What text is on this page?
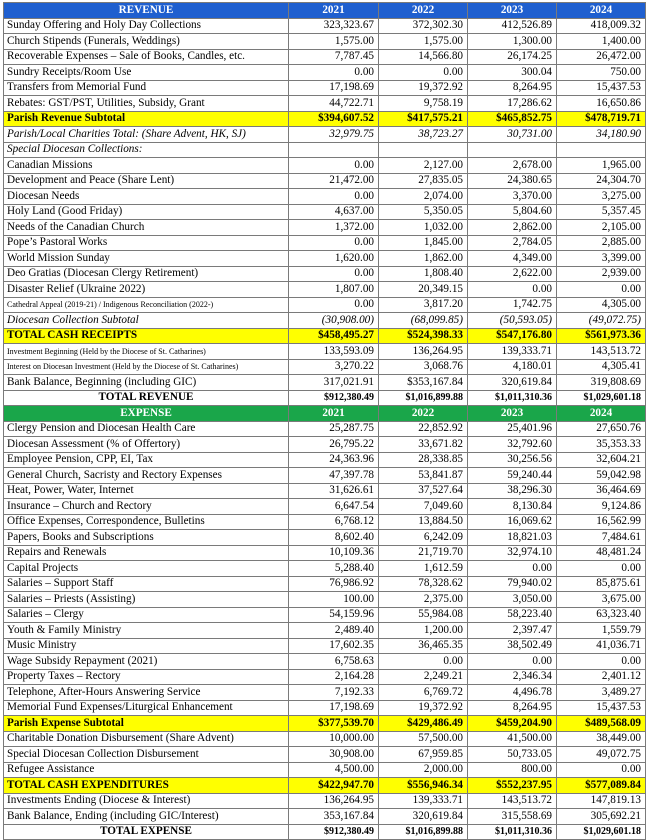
REVENUE	2021	2022	2023	2024
Sunday Offering and Holy Day Collections	323,323.67	372,302.30	412,526.89	418,009.32
Church Stipends (Funerals, Weddings)	1,575.00	1,575.00	1,300.00	1,400.00
Recoverable Expenses – Sale of Books, Candles, etc.	7,787.45	14,566.80	26,174.25	26,472.00
Sundry Receipts/Room Use	0.00	0.00	300.04	750.00
Transfers from Memorial Fund	17,198.69	19,372.92	8,264.95	15,437.53
Rebates: GST/PST, Utilities, Subsidy, Grant	44,722.71	9,758.19	17,286.62	16,650.86
Parish Revenue Subtotal	$394,607.52	$417,575.21	$465,852.75	$478,719.71
Parish/Local Charities Total: (Share Advent, HK, SJ)	32,979.75	38,723.27	30,731.00	34,180.90
Special Diocesan Collections:				
Canadian Missions	0.00	2,127.00	2,678.00	1,965.00
Development and Peace (Share Lent)	21,472.00	27,835.05	24,380.65	24,304.70
Diocesan Needs	0.00	2,074.00	3,370.00	3,275.00
Holy Land (Good Friday)	4,637.00	5,350.05	5,804.60	5,357.45
Needs of the Canadian Church	1,372.00	1,032.00	2,862.00	2,105.00
Pope’s Pastoral Works	0.00	1,845.00	2,784.05	2,885.00
World Mission Sunday	1,620.00	1,862.00	4,349.00	3,399.00
Deo Gratias (Diocesan Clergy Retirement)	0.00	1,808.40	2,622.00	2,939.00
Disaster Relief (Ukraine 2022)	1,807.00	20,349.15	0.00	0.00
Cathedral Appeal (2019-21) / Indigenous Reconciliation (2022-)	0.00	3,817.20	1,742.75	4,305.00
Diocesan Collection Subtotal	(30,908.00)	(68,099.85)	(50,593.05)	(49,072.75)
TOTAL CASH RECEIPTS	$458,495.27	$524,398.33	$547,176.80	$561,973.36
Investment Beginning (Held by the Diocese of St. Catharines)	133,593.09	136,264.95	139,333.71	143,513.72
Interest on Diocesan Investment (Held by the Diocese of St. Catharines)	3,270.22	3,068.76	4,180.01	4,305.41
Bank Balance, Beginning (including GIC)	317,021.91	$353,167.84	320,619.84	319,808.69
TOTAL REVENUE	$912,380.49	$1,016,899.88	$1,011,310.36	$1,029,601.18
EXPENSE	2021	2022	2023	2024
Clergy Pension and Diocesan Health Care	25,287.75	22,852.92	25,401.96	27,650.76
Diocesan Assessment (% of Offertory)	26,795.22	33,671.82	32,792.60	35,353.33
Employee Pension, CPP, EI, Tax	24,363.96	28,338.85	30,256.56	32,604.21
General Church, Sacristy and Rectory Expenses	47,397.78	53,841.87	59,240.44	59,042.98
Heat, Power, Water, Internet	31,626.61	37,527.64	38,296.30	36,464.69
Insurance – Church and Rectory	6,647.54	7,049.60	8,130.84	9,124.86
Office Expenses, Correspondence, Bulletins	6,768.12	13,884.50	16,069.62	16,562.99
Papers, Books and Subscriptions	8,602.40	6,242.09	18,821.03	7,484.61
Repairs and Renewals	10,109.36	21,719.70	32,974.10	48,481.24
Capital Projects	5,288.40	1,612.59	0.00	0.00
Salaries – Support Staff	76,986.92	78,328.62	79,940.02	85,875.61
Salaries – Priests (Assisting)	100.00	2,375.00	3,050.00	3,675.00
Salaries – Clergy	54,159.96	55,984.08	58,223.40	63,323.40
Youth & Family Ministry	2,489.40	1,200.00	2,397.47	1,559.79
Music Ministry	17,602.35	36,465.35	38,502.49	41,036.71
Wage Subsidy Repayment (2021)	6,758.63	0.00	0.00	0.00
Property Taxes – Rectory	2,164.28	2,249.21	2,346.34	2,401.12
Telephone, After-Hours Answering Service	7,192.33	6,769.72	4,496.78	3,489.27
Memorial Fund Expenses/Liturgical Enhancement	17,198.69	19,372.92	8,264.95	15,437.53
Parish Expense Subtotal	$377,539.70	$429,486.49	$459,204.90	$489,568.09
Charitable Donation Disbursement (Share Advent)	10,000.00	57,500.00	41,500.00	38,449.00
Special Diocesan Collection Disbursement	30,908.00	67,959.85	50,733.05	49,072.75
Refugee Assistance	4,500.00	2,000.00	800.00	0.00
TOTAL CASH EXPENDITURES	$422,947.70	$556,946.34	$552,237.95	$577,089.84
Investments Ending (Diocese & Interest)	136,264.95	139,333.71	143,513.72	147,819.13
Bank Balance, Ending (including GIC/Interest)	353,167.84	320,619.84	315,558.69	305,692.21
TOTAL EXPENSE	$912,380.49	$1,016,899.88	$1,011,310.36	$1,029,601.18
